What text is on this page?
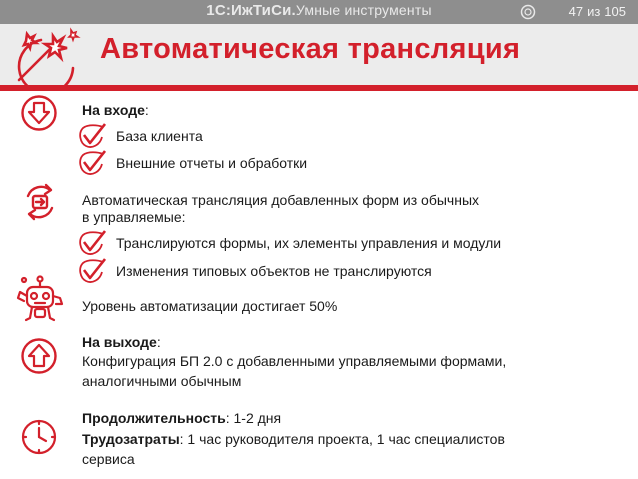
1С:ИжТиСи.Умные инструменты	47 из 105
Автоматическая трансляция
На входе:
База клиента
Внешние отчеты и обработки
Автоматическая трансляция добавленных форм из обычных
в управляемые:
Транслируются формы, их элементы управления и модули
Изменения типовых объектов не транслируются
Уровень автоматизации достигает 50%
На выходе:
Конфигурация БП 2.0 с добавленными управляемыми формами,
аналогичными обычным
Продолжительность: 1-2 дня
Трудозатраты: 1 час руководителя проекта, 1 час специалистов
сервиса
